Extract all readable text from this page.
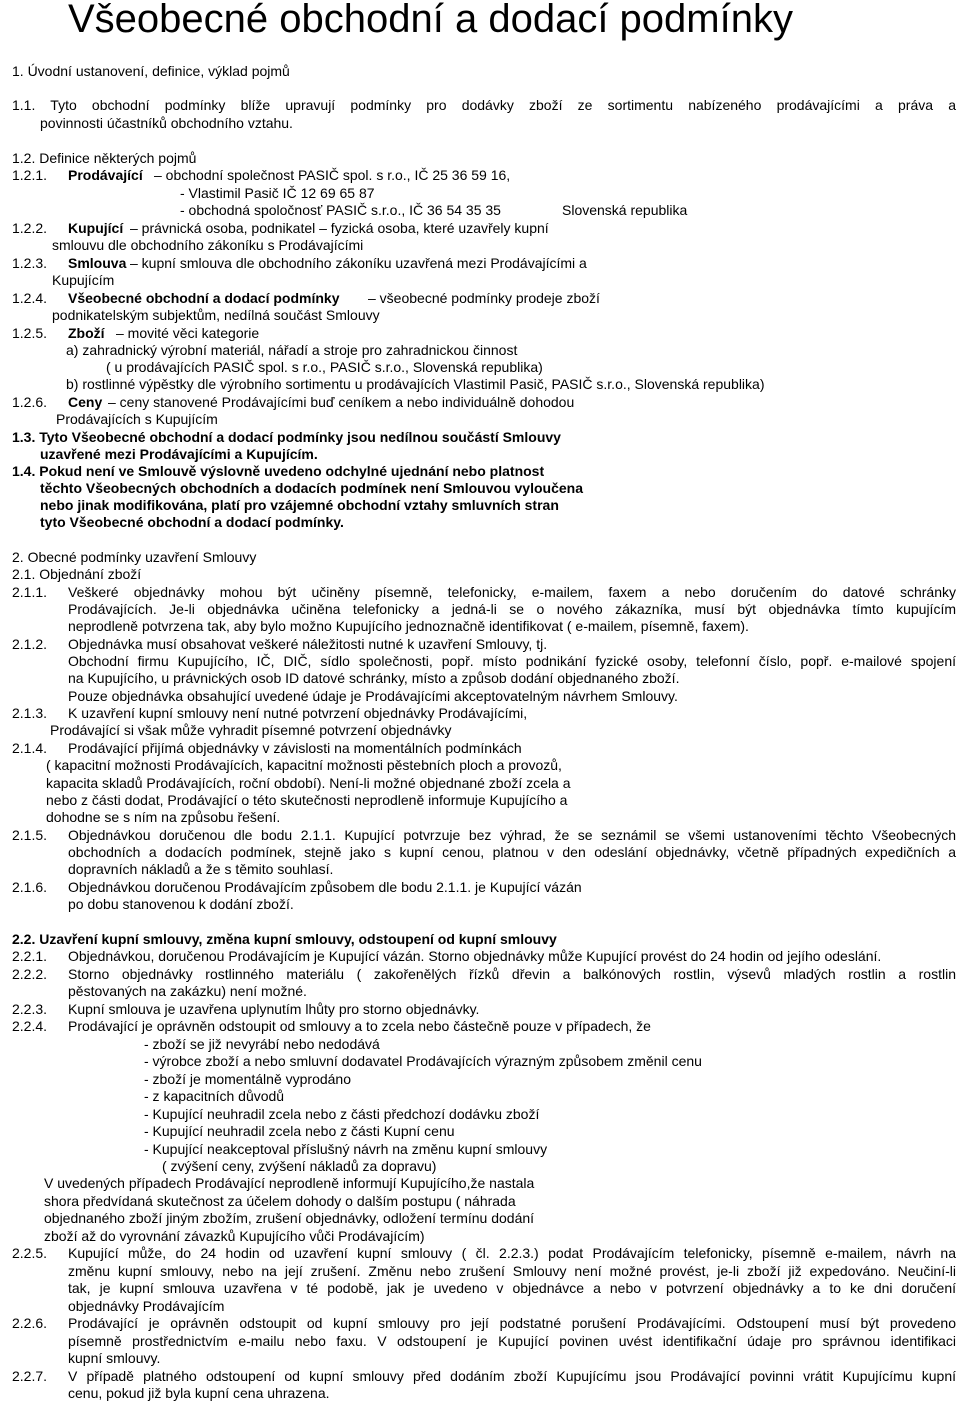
Všeobecné obchodní a dodací podmínky
1. Úvodní ustanovení, definice, výklad pojmů
1.1. Tyto obchodní podmínky blíže upravují podmínky pro dodávky zboží ze sortimentu nabízeného prodávajícími a práva a
povinnosti účastníků obchodního vztahu.
1.2. Definice některých pojmů
1.2.1. Prodávající – obchodní společnost PASIČ spol. s r.o., IČ 25 36 59 16,
- Vlastimil Pasič IČ 12 69 65 87
- obchodná spoločnosť PASIČ s.r.o., IČ 36 54 35 35	Slovenská republika
1.2.2. Kupující – právnická osoba, podnikatel – fyzická osoba, které uzavřely kupní
smlouvu dle obchodního zákoníku s Prodávajícími
1.2.3. Smlouva – kupní smlouva dle obchodního zákoníku uzavřená mezi Prodávajícími a
Kupujícím
1.2.4. Všeobecné obchodní a dodací podmínky – všeobecné podmínky prodeje zboží
podnikatelským subjektům, nedílná součást Smlouvy
1.2.5. Zboží – movité věci kategorie
a) zahradnický výrobní materiál, nářadí a stroje pro zahradnickou činnost
( u prodávajících PASIČ spol. s r.o., PASIČ s.r.o., Slovenská republika)
b) rostlinné výpěstky dle výrobního sortimentu u prodávajících Vlastimil Pasič, PASIČ s.r.o., Slovenská republika)
1.2.6. Ceny – ceny stanovené Prodávajícími buď ceníkem a nebo individuálně dohodou
Prodávajících s Kupujícím
1.3. Tyto Všeobecné obchodní a dodací podmínky jsou nedílnou součástí Smlouvy
uzavřené mezi Prodávajícími a Kupujícím.
1.4. Pokud není ve Smlouvě výslovně uvedeno odchylné ujednání nebo platnost
těchto Všeobecných obchodních a dodacích podmínek není Smlouvou vyloučena
nebo jinak modifikována, platí pro vzájemné obchodní vztahy smluvních stran
tyto Všeobecné obchodní a dodací podmínky.
2. Obecné podmínky uzavření Smlouvy
2.1. Objednání zboží
2.1.1. Veškeré objednávky mohou být učiněny písemně, telefonicky, e-mailem, faxem a nebo doručením do datové schránky
Prodávajících. Je-li objednávka učiněna telefonicky a jedná-li se o nového zákazníka, musí být objednávka tímto kupujícím
neprodleně potvrzena tak, aby bylo možno Kupujícího jednoznačně identifikovat ( e-mailem, písemně, faxem).
2.1.2. Objednávka musí obsahovat veškeré náležitosti nutné k uzavření Smlouvy, tj.
Obchodní firmu Kupujícího, IČ, DIČ, sídlo společnosti, popř. místo podnikání fyzické osoby, telefonní číslo, popř. e-mailové spojení
na Kupujícího, u právnických osob ID datové schránky, místo a způsob dodání objednaného zboží.
Pouze objednávka obsahující uvedené údaje je Prodávajícími akceptovatelným návrhem Smlouvy.
2.1.3. K uzavření kupní smlouvy není nutné potvrzení objednávky Prodávajícími,
Prodávající si však může vyhradit písemné potvrzení objednávky
2.1.4. Prodávající přijímá objednávky v závislosti na momentálních podmínkách
( kapacitní možnosti Prodávajících, kapacitní možnosti pěstebních ploch a provozů,
kapacita skladů Prodávajících, roční období). Není-li možné objednané zboží zcela a
nebo z části dodat, Prodávající o této skutečnosti neprodleně informuje Kupujícího a
dohodne se s ním na způsobu řešení.
2.1.5. Objednávkou doručenou dle bodu 2.1.1. Kupující potvrzuje bez výhrad, že se seznámil se všemi ustanoveními těchto Všeobecných
obchodních a dodacích podmínek, stejně jako s kupní cenou, platnou v den odeslání objednávky, včetně případných expedičních a
dopravních nákladů a že s těmito souhlasí.
2.1.6. Objednávkou doručenou Prodávajícím způsobem dle bodu 2.1.1. je Kupující vázán
po dobu stanovenou k dodání zboží.
2.2. Uzavření kupní smlouvy, změna kupní smlouvy, odstoupení od kupní smlouvy
2.2.1. Objednávkou, doručenou Prodávajícím je Kupující vázán. Storno objednávky může Kupující provést do 24 hodin od jejího odeslání.
2.2.2. Storno objednávky rostlinného materiálu ( zakořenělých řízků dřevin a balkónových rostlin, výsevů mladých rostlin a rostlin
pěstovaných na zakázku) není možné.
2.2.3. Kupní smlouva je uzavřena uplynutím lhůty pro storno objednávky.
2.2.4. Prodávající je oprávněn odstoupit od smlouvy a to zcela nebo částečně pouze v případech, že
- zboží se již nevyrábí nebo nedodává
- výrobce zboží a nebo smluvní dodavatel Prodávajících výrazným způsobem změnil cenu
- zboží je momentálně vyprodáno
- z kapacitních důvodů
- Kupující neuhradil zcela nebo z části předchozí dodávku zboží
- Kupující neuhradil zcela nebo z části Kupní cenu
- Kupující neakceptoval příslušný návrh na změnu kupní smlouvy
( zvýšení ceny, zvýšení nákladů za dopravu)
V uvedených případech Prodávající neprodleně informují Kupujícího,že nastala
shora předvídaná skutečnost za účelem dohody o dalším postupu ( náhrada
objednaného zboží jiným zbožím, zrušení objednávky, odložení termínu dodání
zboží až do vyrovnání závazků Kupujícího vůči Prodávajícím)
2.2.5. Kupující může, do 24 hodin od uzavření kupní smlouvy ( čl. 2.2.3.) podat Prodávajícím telefonicky, písemně e-mailem, návrh na
změnu kupní smlouvy, nebo na její zrušení. Změnu nebo zrušení Smlouvy není možné provést, je-li zboží již expedováno. Neučiní-li
tak, je kupní smlouva uzavřena v té podobě, jak je uvedeno v objednávce a nebo v potvrzení objednávky a to ke dni doručení
objednávky Prodávajícím
2.2.6. Prodávající je oprávněn odstoupit od kupní smlouvy pro její podstatné porušení Prodávajícími. Odstoupení musí být provedeno
písemně prostřednictvím e-mailu nebo faxu. V odstoupení je Kupující povinen uvést identifikační údaje pro správnou identifikaci
kupní smlouvy.
2.2.7. V případě platného odstoupení od kupní smlouvy před dodáním zboží Kupujícímu jsou Prodávající povinni vrátit Kupujícímu kupní
cenu, pokud již byla kupní cena uhrazena.
